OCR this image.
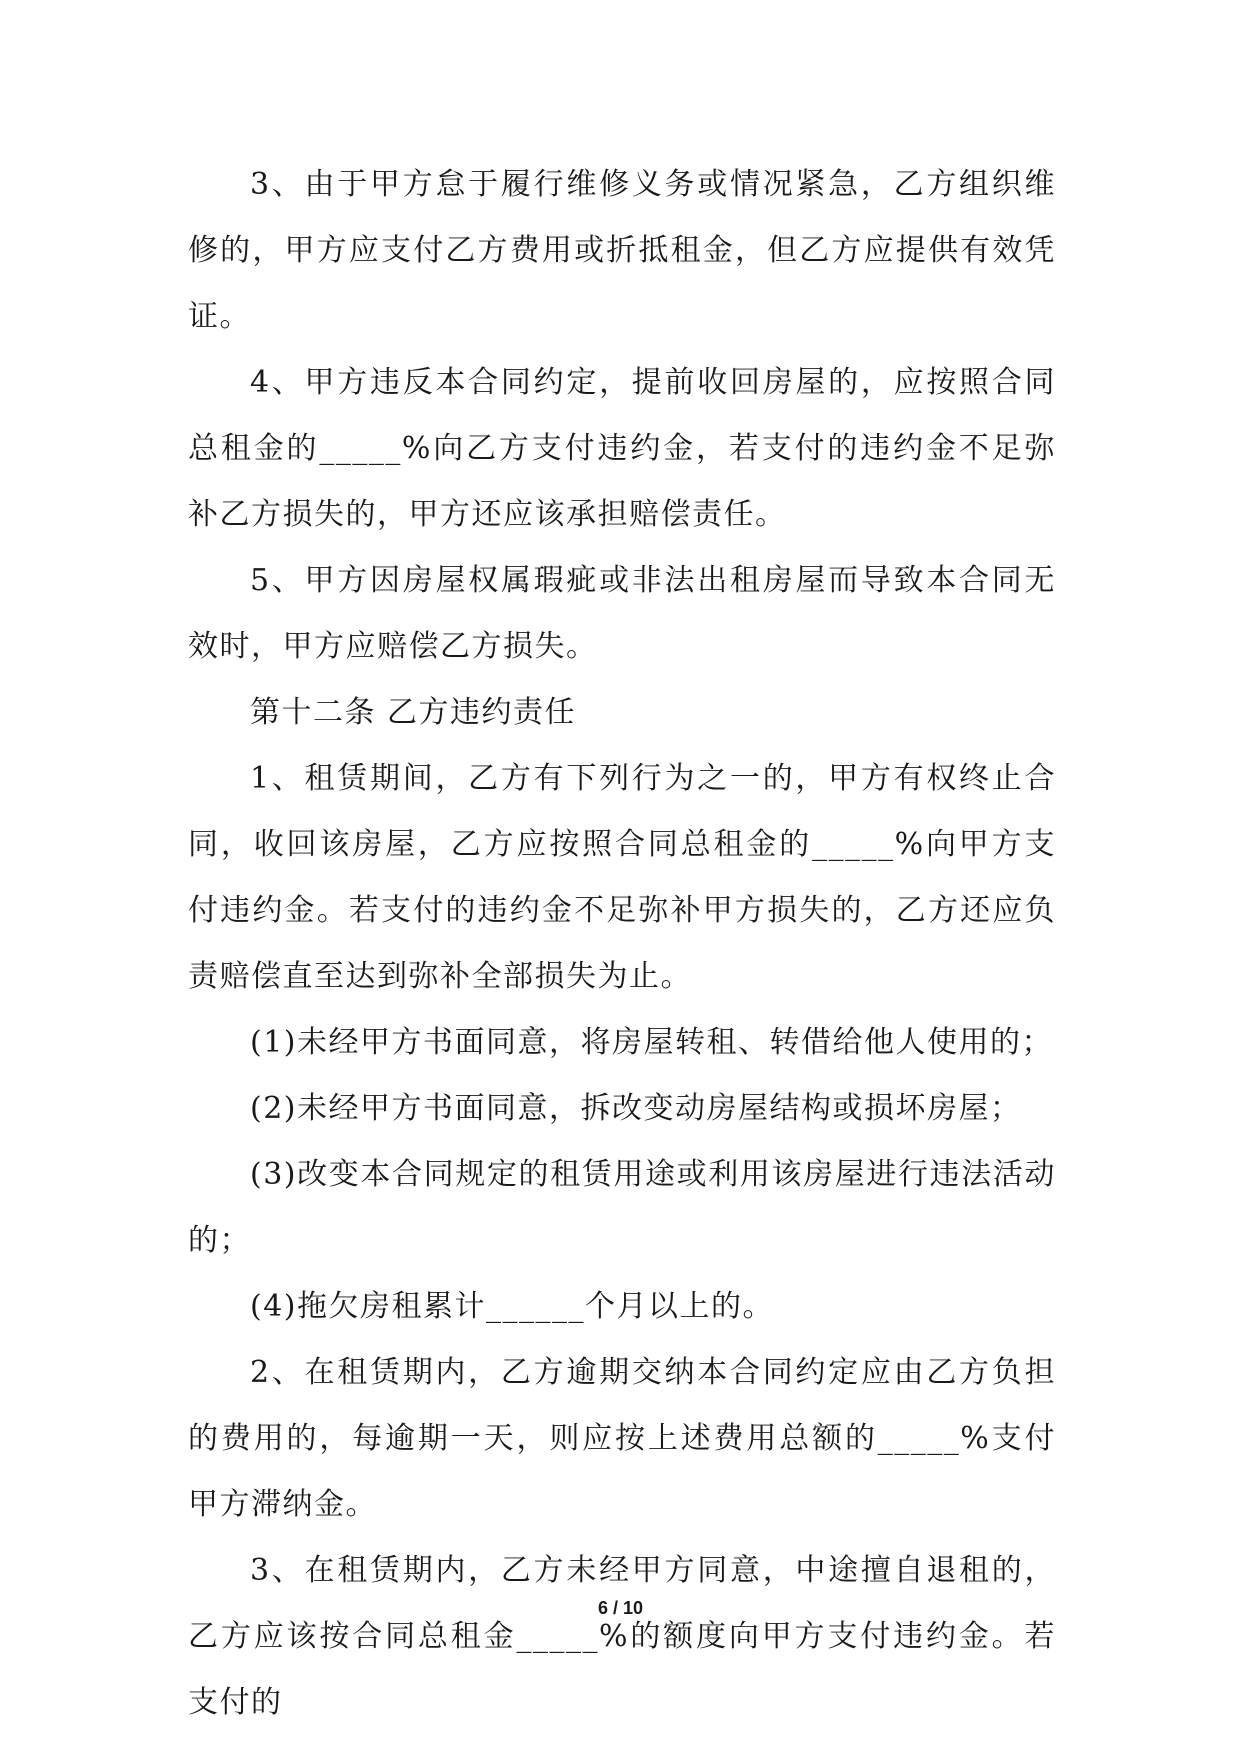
3、由于甲方怠于履行维修义务或情况紧急，乙方组织维修的，甲方应支付乙方费用或折抵租金，但乙方应提供有效凭证。

4、甲方违反本合同约定，提前收回房屋的，应按照合同总租金的_____%向乙方支付违约金，若支付的违约金不足弥补乙方损失的，甲方还应该承担赔偿责任。

5、甲方因房屋权属瑕疵或非法出租房屋而导致本合同无效时，甲方应赔偿乙方损失。

第十二条 乙方违约责任

1、租赁期间，乙方有下列行为之一的，甲方有权终止合同，收回该房屋，乙方应按照合同总租金的_____%向甲方支付违约金。若支付的违约金不足弥补甲方损失的，乙方还应负责赔偿直至达到弥补全部损失为止。

(1)未经甲方书面同意，将房屋转租、转借给他人使用的；

(2)未经甲方书面同意，拆改变动房屋结构或损坏房屋；

(3)改变本合同规定的租赁用途或利用该房屋进行违法活动的；

(4)拖欠房租累计______个月以上的。

2、在租赁期内，乙方逾期交纳本合同约定应由乙方负担的费用的，每逾期一天，则应按上述费用总额的_____%支付甲方滞纳金。

3、在租赁期内，乙方未经甲方同意，中途擅自退租的，乙方应该按合同总租金_____%的额度向甲方支付违约金。若支付的

6 / 10
